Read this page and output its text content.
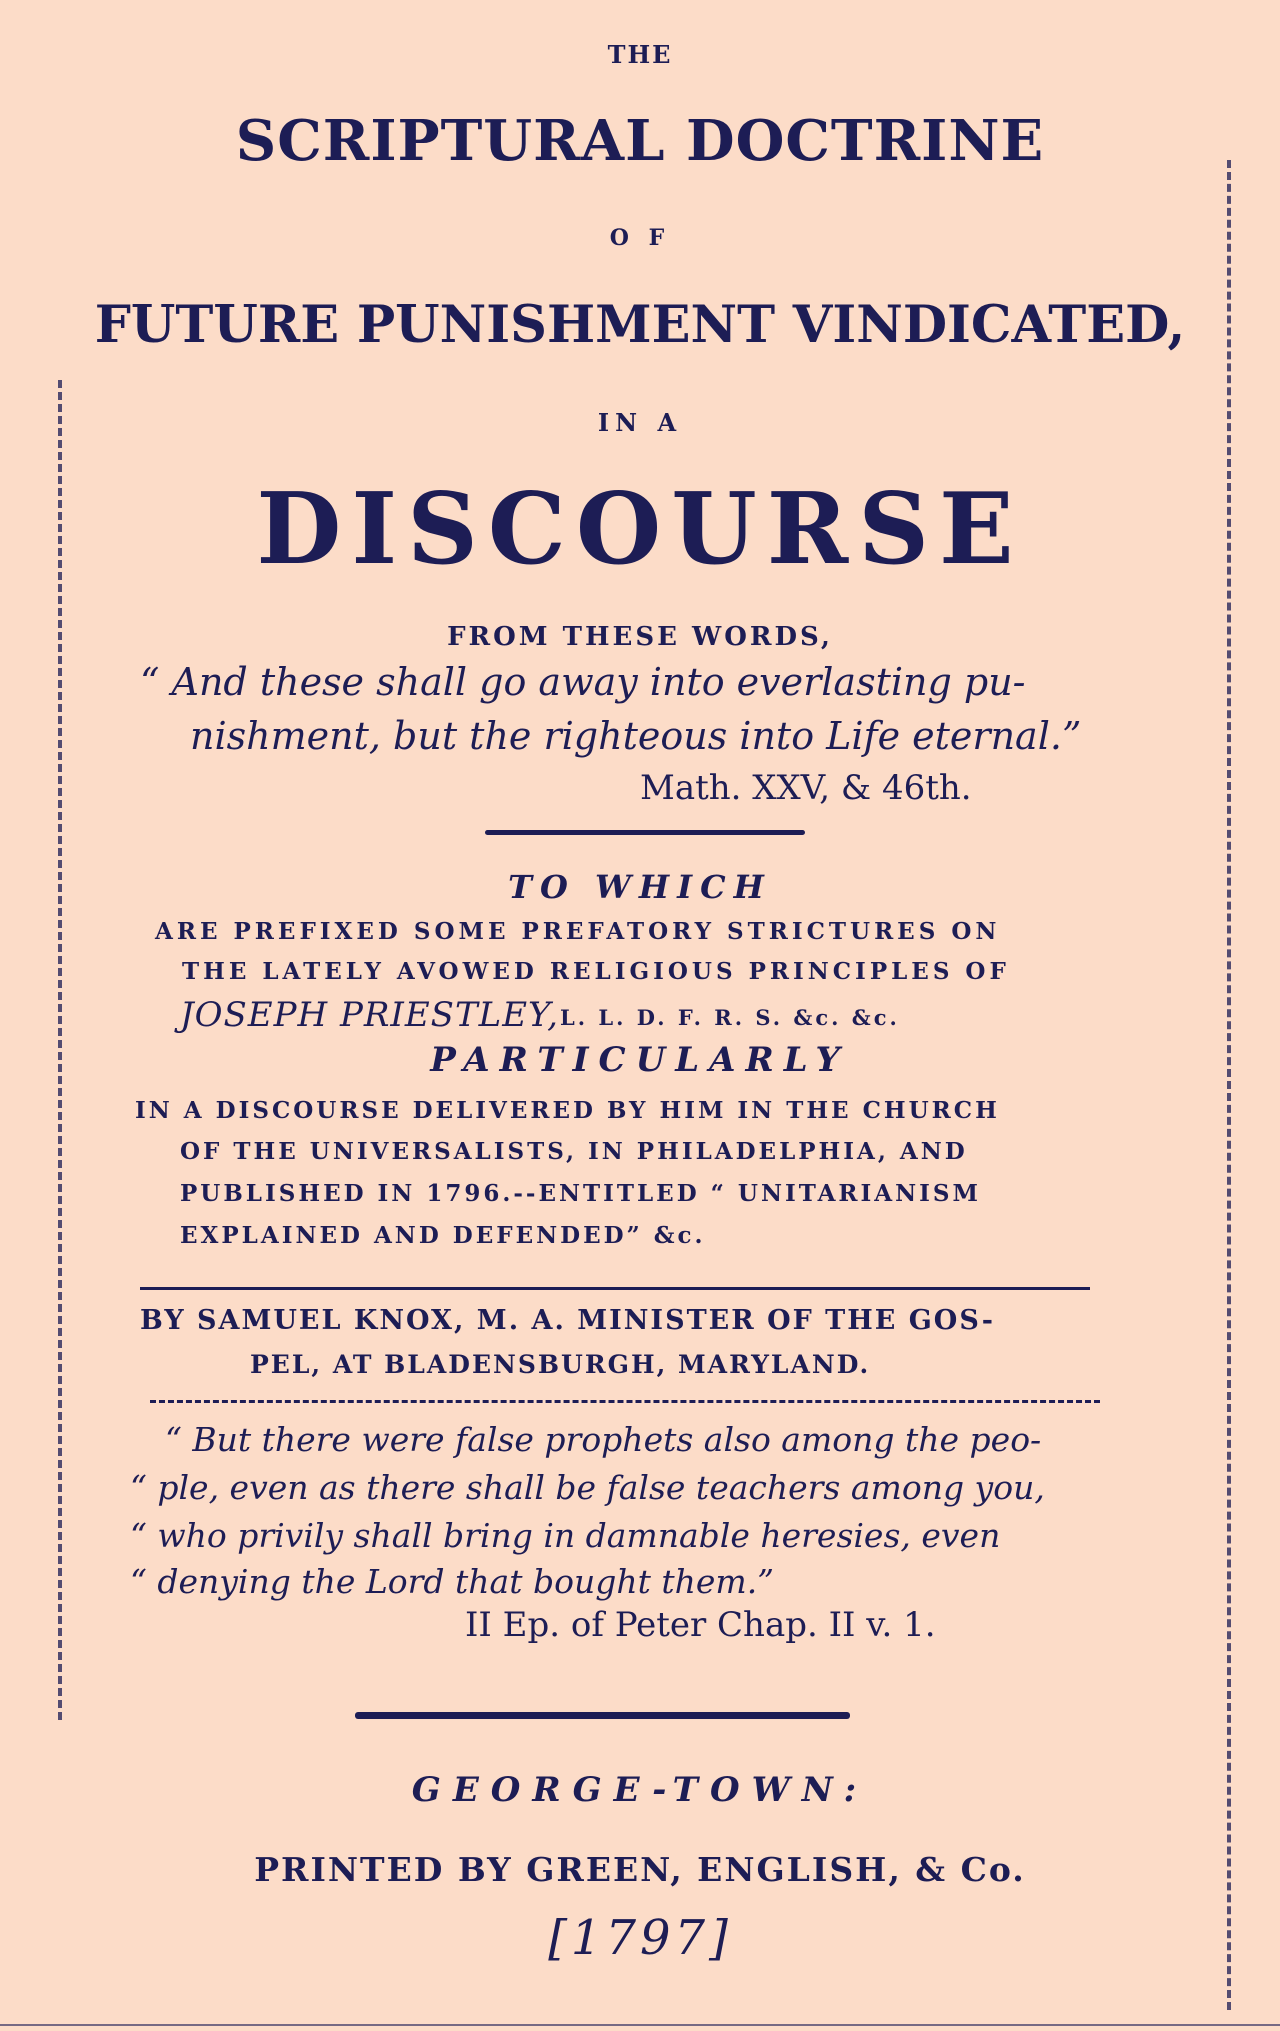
THE
SCRIPTURAL DOCTRINE
O F
FUTURE PUNISHMENT VINDICATED,
IN A
DISCOURSE
FROM THESE WORDS,
“ And these shall go away into everlasting pu-
nishment, but the righteous into Life eternal.”
Math. XXV, & 46th.
TO WHICH
ARE PREFIXED SOME PREFATORY STRICTURES ON
THE LATELY AVOWED RELIGIOUS PRINCIPLES OF
JOSEPH PRIESTLEY, L. L. D. F. R. S. &c. &c.
PARTICULARLY
IN A DISCOURSE DELIVERED BY HIM IN THE CHURCH
OF THE UNIVERSALISTS, IN PHILADELPHIA, AND
PUBLISHED IN 1796.--ENTITLED “ UNITARIANISM
EXPLAINED AND DEFENDED” &c.
BY SAMUEL KNOX, M. A. MINISTER OF THE GOS-
PEL, AT BLADENSBURGH, MARYLAND.
“ But there were false prophets also among the peo-
“ ple, even as there shall be false teachers among you,
“ who privily shall bring in damnable heresies, even
“ denying the Lord that bought them.”
II Ep. of Peter Chap. II v. 1.
GEORGE-TOWN:
PRINTED BY GREEN, ENGLISH, & Co.
[1797]
